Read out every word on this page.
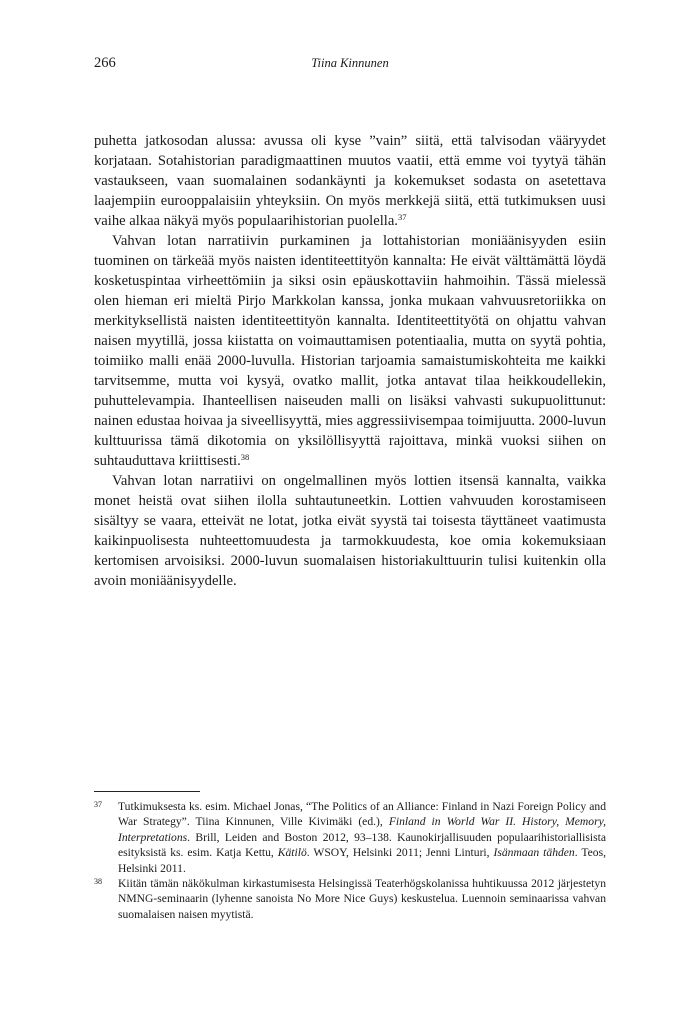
266	Tiina Kinnunen

puhetta jatkosodan alussa: avussa oli kyse ”vain” siitä, että talvisodan vääryydet korjataan. Sotahistorian paradigmaattinen muutos vaatii, että emme voi tyytyä tähän vastaukseen, vaan suomalainen sodankäynti ja kokemukset sodasta on asetettava laajempiin eurooppalaisiin yhteyksiin. On myös merkkejä siitä, että tutkimuksen uusi vaihe alkaa näkyä myös populaarihistorian puolella.$^{37}$

Vahvan lotan narratiivin purkaminen ja lottahistorian moniäänisyyden esiin tuominen on tärkeää myös naisten identiteettityön kannalta: He eivät välttämättä löydä kosketuspintaa virheettömiin ja siksi osin epäuskottaviin hahmoihin. Tässä mielessä olen hieman eri mieltä Pirjo Markkolan kanssa, jonka mukaan vahvuusretoriikka on merkityksellistä naisten identiteettityön kannalta. Identiteettityötä on ohjattu vahvan naisen myytillä, jossa kiistatta on voimauttamisen potentiaalia, mutta on syytä pohtia, toimiiko malli enää 2000-luvulla. Historian tarjoamia samaistumiskohteita me kaikki tarvitsemme, mutta voi kysyä, ovatko mallit, jotka antavat tilaa heikkoudellekin, puhuttelevampia. Ihanteellisen naiseuden malli on lisäksi vahvasti sukupuolittunut: nainen edustaa hoivaa ja siveellisyyttä, mies aggressiivisempaa toimijuutta. 2000-luvun kulttuurissa tämä dikotomia on yksilöllisyyttä rajoittava, minkä vuoksi siihen on suhtauduttava kriittisesti.$^{38}$

Vahvan lotan narratiivi on ongelmallinen myös lottien itsensä kannalta, vaikka monet heistä ovat siihen ilolla suhtautuneetkin. Lottien vahvuuden korostamiseen sisältyy se vaara, etteivät ne lotat, jotka eivät syystä tai toisesta täyttäneet vaatimusta kaikinpuolisesta nuhteettomuudesta ja tarmokkuudesta, koe omia kokemuksiaan kertomisen arvoisiksi. 2000-luvun suomalaisen historiakulttuurin tulisi kuitenkin olla avoin moniäänisyydelle.

37 Tutkimuksesta ks. esim. Michael Jonas, “The Politics of an Alliance: Finland in Nazi Foreign Policy and War Strategy”. Tiina Kinnunen, Ville Kivimäki (ed.), Finland in World War II. History, Memory, Interpretations. Brill, Leiden and Boston 2012, 93–138. Kaunokirjallisuuden populaarihistoriallisista esityksistä ks. esim. Katja Kettu, Kätilö. WSOY, Helsinki 2011; Jenni Linturi, Isänmaan tähden. Teos, Helsinki 2011.

38 Kiitän tämän näkökulman kirkastumisesta Helsingissä Teaterhögskolanissa huhtikuussa 2012 järjestetyn NMNG-seminaarin (lyhenne sanoista No More Nice Guys) keskustelua. Luennoin seminaarissa vahvan suomalaisen naisen myytistä.
